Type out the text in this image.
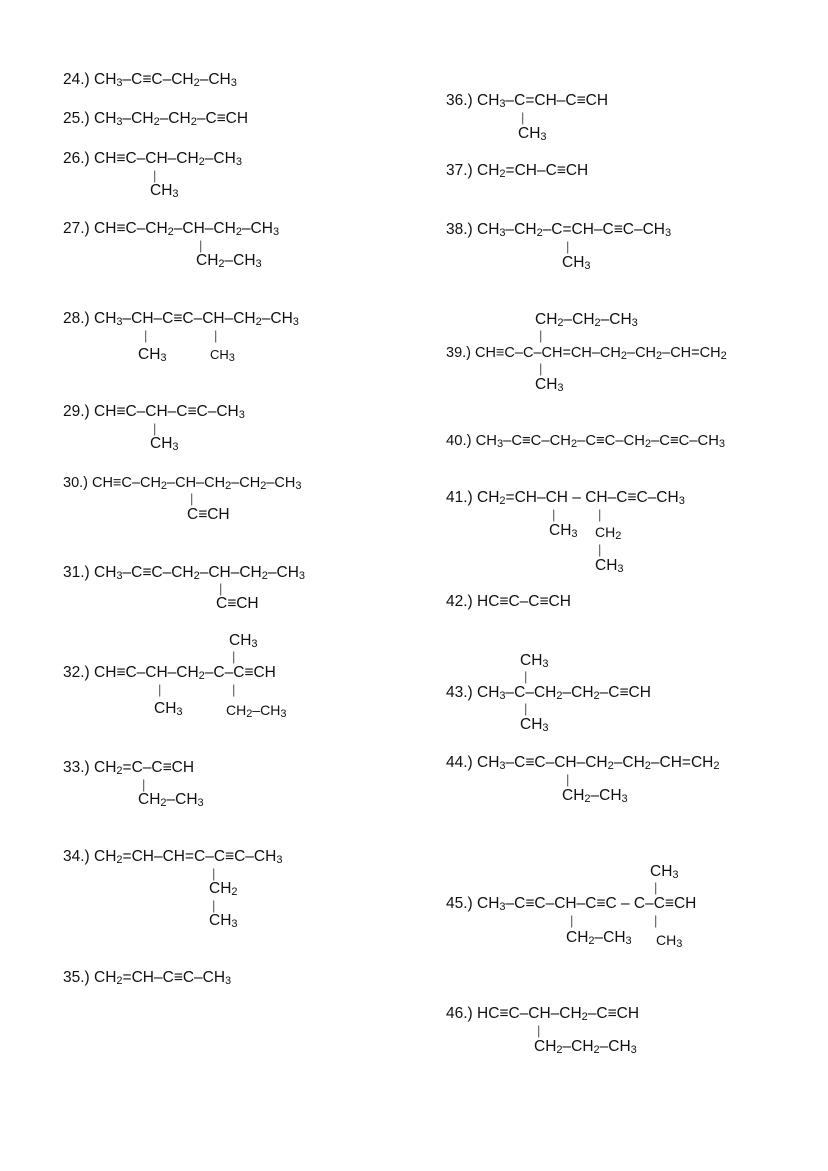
24.) $CH_3-C\equiv C-CH_2-CH_3$

25.) $CH_3-CH_2-CH_2-C\equiv CH$

26.) $CH\equiv C-CH-CH_2-CH_3$

|

$CH_3$

27.) $CH\equiv C-CH_2-CH-CH_2-CH_3$

|

$CH_2-CH_3$

28.) $CH_3-CH-C\equiv C-CH-CH_2-CH_3$

|	|

$CH_3$	$CH_3$

29.) $CH\equiv C-CH-C\equiv C-CH_3$

|

$CH_3$

30.) $CH\equiv C-CH_2-CH-CH_2-CH_2-CH_3$

|

C≡CH

31.) $CH_3-C\equiv C-CH_2-CH-CH_2-CH_3$

|

C≡CH

$CH_3$

|

32.) $CH\equiv C-CH-CH_2-C-C\equiv CH$

|	|

$CH_3$	$CH_2-CH_3$

33.) $CH_2=C-C\equiv CH$

|

$CH_2-CH_3$

34.) $CH_2=CH-CH=C-C\equiv C-CH_3$

|

$CH_2$

|

$CH_3$

35.) $CH_2=CH-C\equiv C-CH_3$

36.) $CH_3-C=CH-C\equiv CH$

|

$CH_3$

37.) $CH_2=CH-C\equiv CH$

38.) $CH_3-CH_2-C=CH-C\equiv C-CH_3$

|

$CH_3$

$CH_2-CH_2-CH_3$

|

39.) $CH\equiv C-C-CH=CH-CH_2-CH_2-CH=CH_2$

|

$CH_3$

40.) $CH_3-C\equiv C-CH_2-C\equiv C-CH_2-C\equiv C-CH_3$

41.) $CH_2=CH-CH - CH-C\equiv C-CH_3$

|	|

$CH_3$ $CH_2$

|

$CH_3$

42.) HC≡C–C≡CH

$CH_3$

|

43.) $CH_3-C-CH_2-CH_2-C\equiv CH$

|

$CH_3$

44.) $CH_3-C\equiv C-CH-CH_2-CH_2-CH=CH_2$

|

$CH_2-CH_3$

$CH_3$

|

45.) $CH_3-C\equiv C-CH-C\equiv C - C-C\equiv CH$

|	|

$CH_2-CH_3$ $CH_3$

46.) $HC\equiv C-CH-CH_2-C\equiv CH$

|

$CH_2-CH_2-CH_3$
